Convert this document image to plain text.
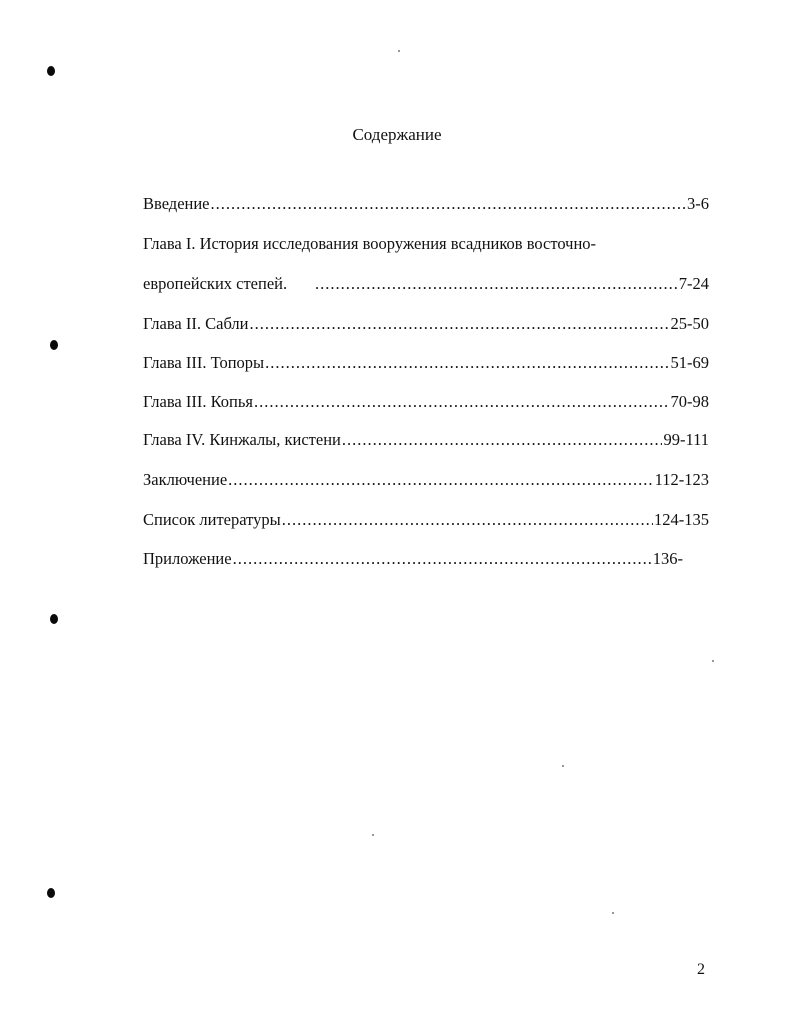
Содержание
Введение .....	3-6
Глава I. История исследования вооружения всадников восточно-
европейских степей. .....	7-24
Глава II. Сабли .....	25-50
Глава III. Топоры .....	51-69
Глава III. Копья .....	70-98
Глава IV. Кинжалы, кистени .....	99-111
Заключение .....	112-123
Список литературы .....	124-135
Приложение .....	136-
2
